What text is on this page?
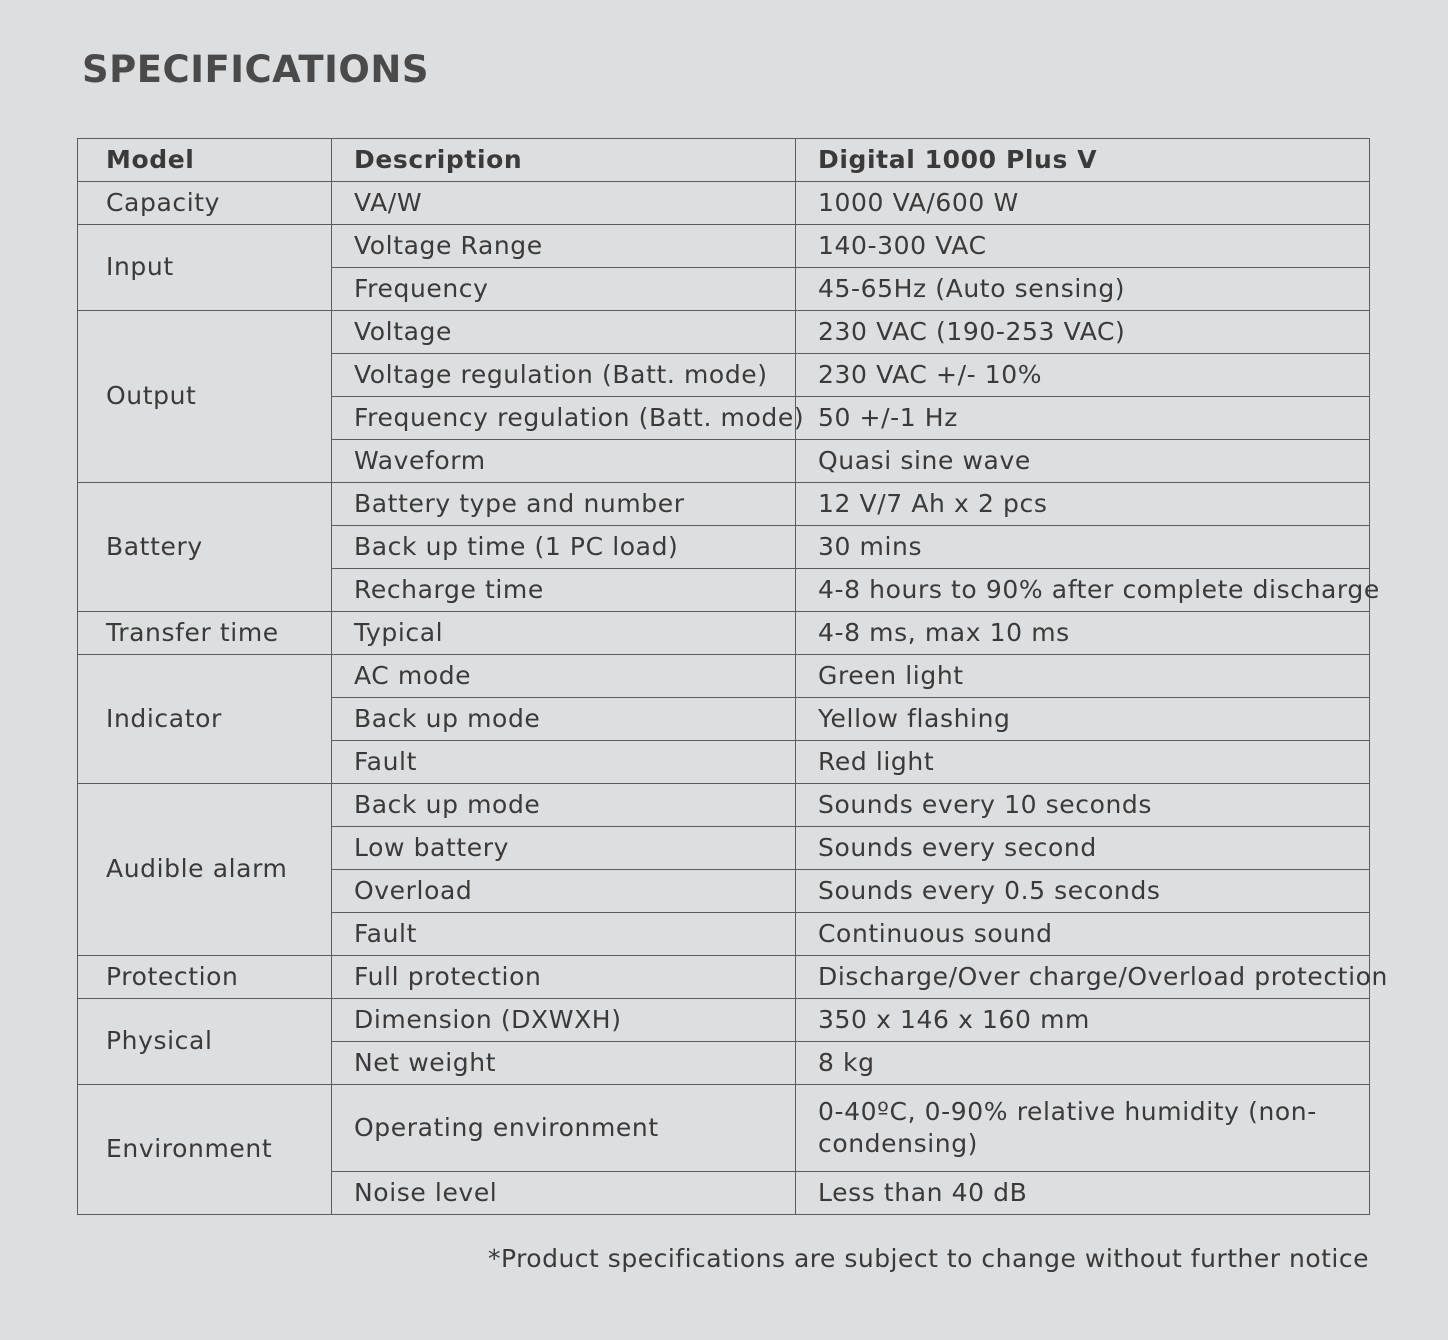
SPECIFICATIONS
Model	Description	Digital 1000 Plus V
Capacity	VA/W	1000 VA/600 W
Input	Voltage Range	140-300 VAC
	Frequency	45-65Hz (Auto sensing)
Output	Voltage	230 VAC (190-253 VAC)
	Voltage regulation (Batt. mode)	230 VAC +/- 10%
	Frequency regulation (Batt. mode)	50 +/-1 Hz
	Waveform	Quasi sine wave
Battery	Battery type and number	12 V/7 Ah x 2 pcs
	Back up time (1 PC load)	30 mins
	Recharge time	4-8 hours to 90% after complete discharge
Transfer time	Typical	4-8 ms, max 10 ms
Indicator	AC mode	Green light
	Back up mode	Yellow flashing
	Fault	Red light
Audible alarm	Back up mode	Sounds every 10 seconds
	Low battery	Sounds every second
	Overload	Sounds every 0.5 seconds
	Fault	Continuous sound
Protection	Full protection	Discharge/Over charge/Overload protection
Physical	Dimension (DXWXH)	350 x 146 x 160 mm
	Net weight	8 kg
Environment	Operating environment	0-40ºC, 0-90% relative humidity (non-condensing)
	Noise level	Less than 40 dB

*Product specifications are subject to change without further notice
